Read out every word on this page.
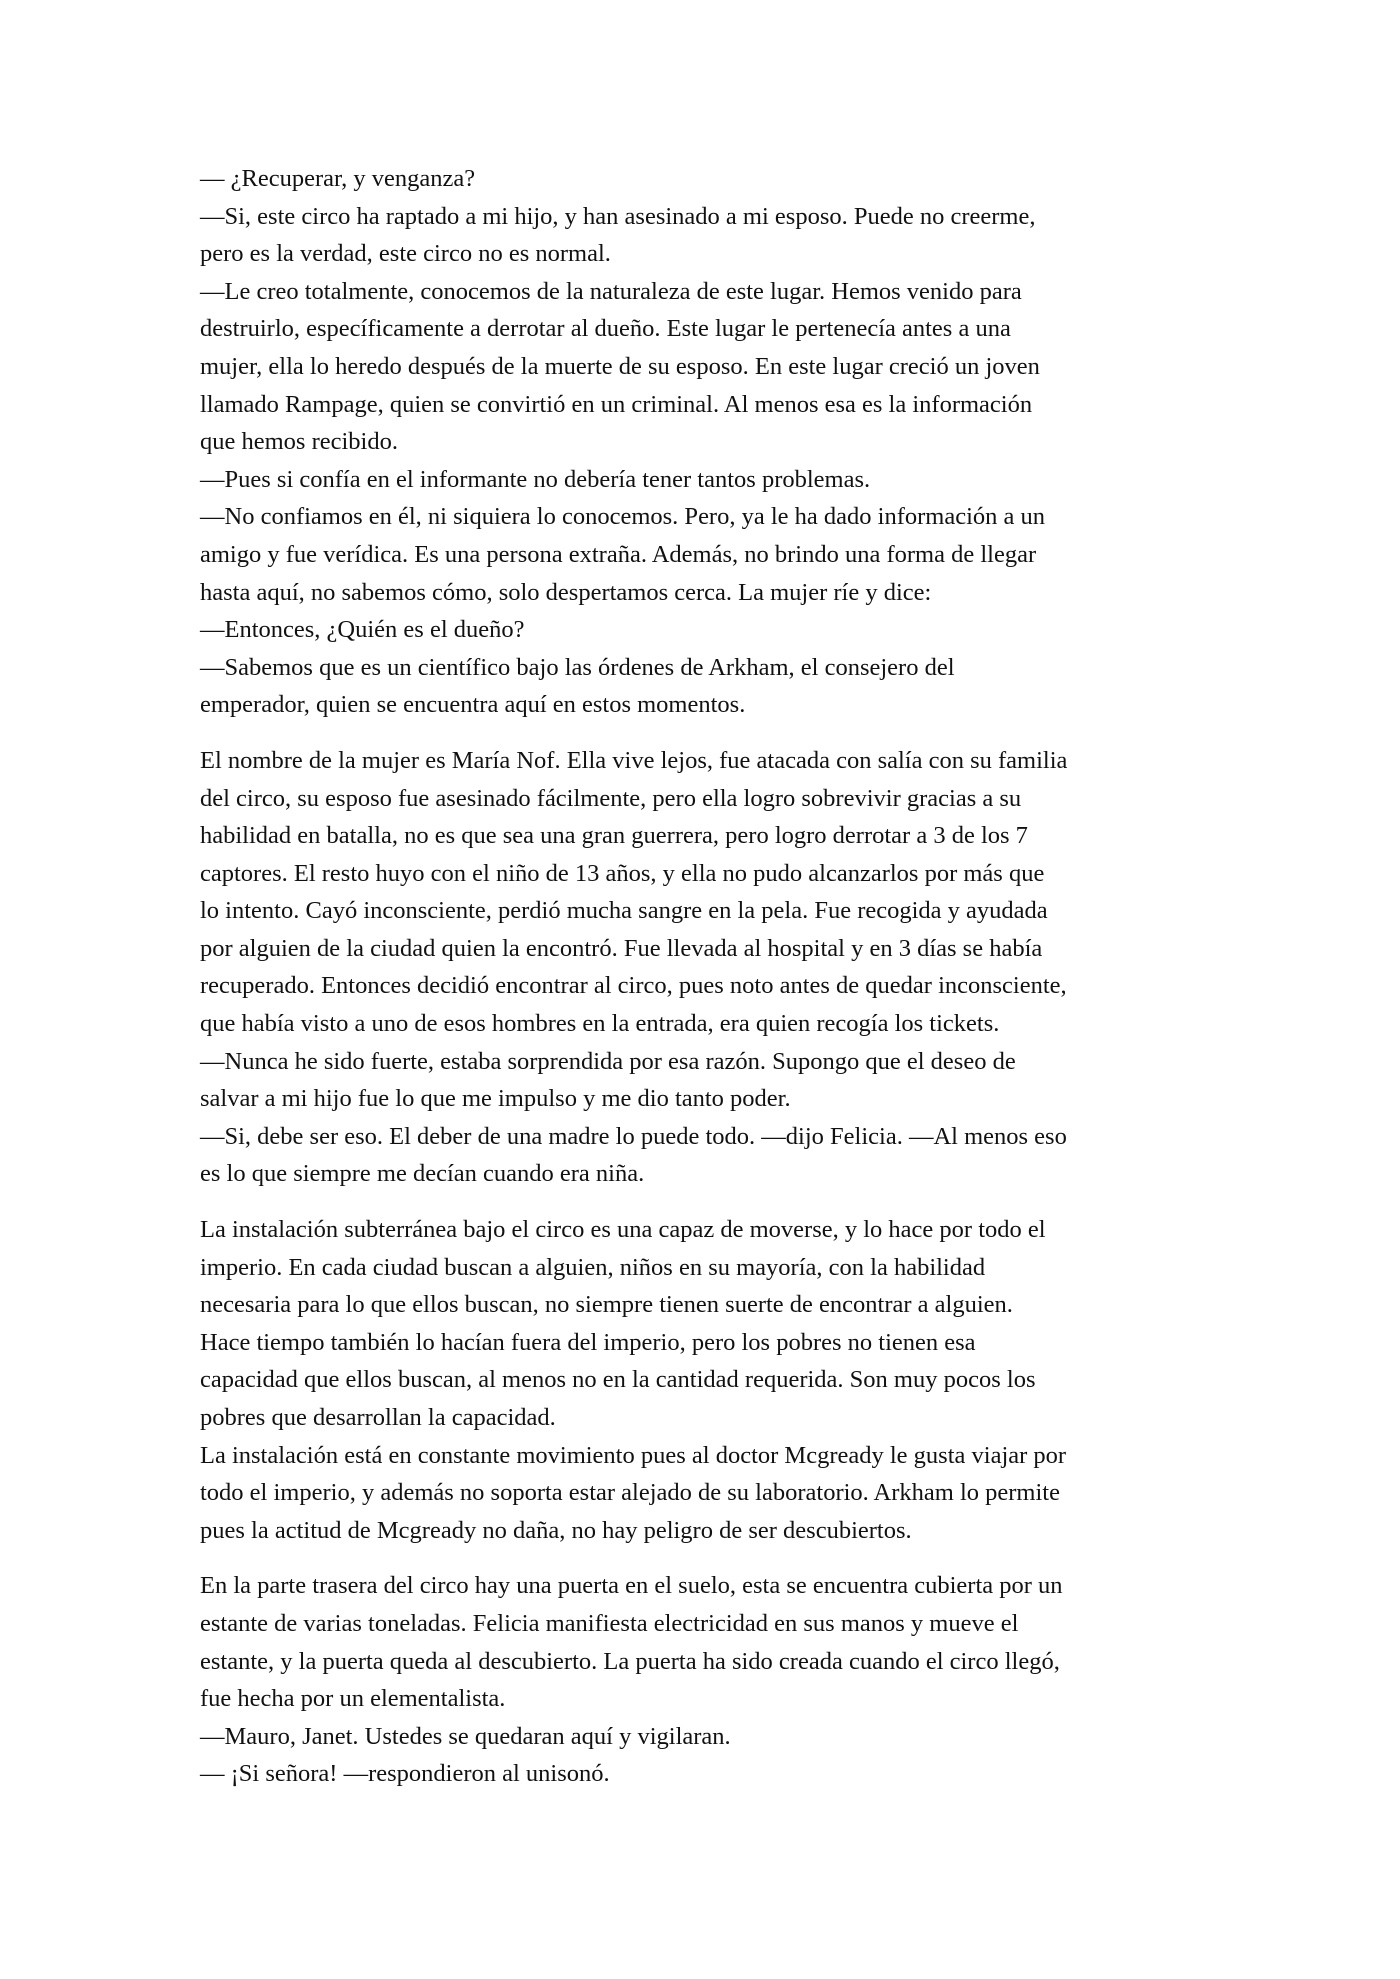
— ¿Recuperar, y venganza?
—Si, este circo ha raptado a mi hijo, y han asesinado a mi esposo. Puede no creerme,
pero es la verdad, este circo no es normal.
—Le creo totalmente, conocemos de la naturaleza de este lugar. Hemos venido para
destruirlo, específicamente a derrotar al dueño. Este lugar le pertenecía antes a una
mujer, ella lo heredo después de la muerte de su esposo. En este lugar creció un joven
llamado Rampage, quien se convirtió en un criminal. Al menos esa es la información
que hemos recibido.
—Pues si confía en el informante no debería tener tantos problemas.
—No confiamos en él, ni siquiera lo conocemos. Pero, ya le ha dado información a un
amigo y fue verídica. Es una persona extraña. Además, no brindo una forma de llegar
hasta aquí, no sabemos cómo, solo despertamos cerca. La mujer ríe y dice:
—Entonces, ¿Quién es el dueño?
—Sabemos que es un científico bajo las órdenes de Arkham, el consejero del
emperador, quien se encuentra aquí en estos momentos.
El nombre de la mujer es María Nof. Ella vive lejos, fue atacada con salía con su familia
del circo, su esposo fue asesinado fácilmente, pero ella logro sobrevivir gracias a su
habilidad en batalla, no es que sea una gran guerrera, pero logro derrotar a 3 de los 7
captores. El resto huyo con el niño de 13 años, y ella no pudo alcanzarlos por más que
lo intento. Cayó inconsciente, perdió mucha sangre en la pela. Fue recogida y ayudada
por alguien de la ciudad quien la encontró. Fue llevada al hospital y en 3 días se había
recuperado. Entonces decidió encontrar al circo, pues noto antes de quedar inconsciente,
que había visto a uno de esos hombres en la entrada, era quien recogía los tickets.
—Nunca he sido fuerte, estaba sorprendida por esa razón. Supongo que el deseo de
salvar a mi hijo fue lo que me impulso y me dio tanto poder.
—Si, debe ser eso. El deber de una madre lo puede todo. —dijo Felicia. —Al menos eso
es lo que siempre me decían cuando era niña.
La instalación subterránea bajo el circo es una capaz de moverse, y lo hace por todo el
imperio. En cada ciudad buscan a alguien, niños en su mayoría, con la habilidad
necesaria para lo que ellos buscan, no siempre tienen suerte de encontrar a alguien.
Hace tiempo también lo hacían fuera del imperio, pero los pobres no tienen esa
capacidad que ellos buscan, al menos no en la cantidad requerida. Son muy pocos los
pobres que desarrollan la capacidad.
La instalación está en constante movimiento pues al doctor Mcgready le gusta viajar por
todo el imperio, y además no soporta estar alejado de su laboratorio. Arkham lo permite
pues la actitud de Mcgready no daña, no hay peligro de ser descubiertos.
En la parte trasera del circo hay una puerta en el suelo, esta se encuentra cubierta por un
estante de varias toneladas. Felicia manifiesta electricidad en sus manos y mueve el
estante, y la puerta queda al descubierto. La puerta ha sido creada cuando el circo llegó,
fue hecha por un elementalista.
—Mauro, Janet. Ustedes se quedaran aquí y vigilaran.
— ¡Si señora! —respondieron al unisonó.
